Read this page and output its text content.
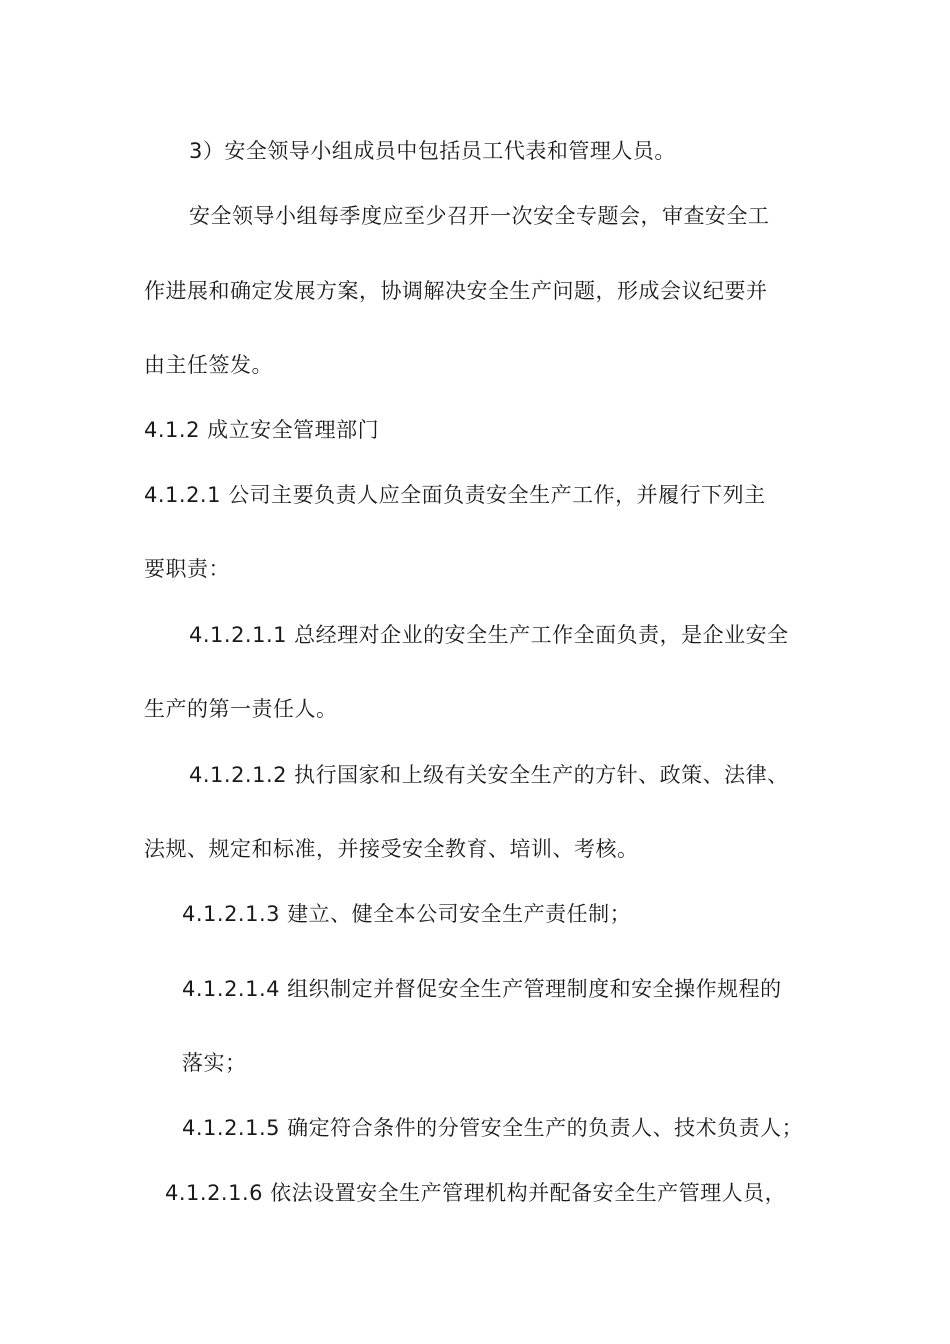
3）安全领导小组成员中包括员工代表和管理人员。
安全领导小组每季度应至少召开一次安全专题会，审查安全工
作进展和确定发展方案，协调解决安全生产问题，形成会议纪要并
由主任签发。
4.1.2 成立安全管理部门
4.1.2.1 公司主要负责人应全面负责安全生产工作，并履行下列主
要职责：
4.1.2.1.1 总经理对企业的安全生产工作全面负责，是企业安全
生产的第一责任人。
4.1.2.1.2 执行国家和上级有关安全生产的方针、政策、法律、
法规、规定和标准，并接受安全教育、培训、考核。
4.1.2.1.3 建立、健全本公司安全生产责任制；
4.1.2.1.4 组织制定并督促安全生产管理制度和安全操作规程的
落实；
4.1.2.1.5 确定符合条件的分管安全生产的负责人、技术负责人；
4.1.2.1.6 依法设置安全生产管理机构并配备安全生产管理人员，
